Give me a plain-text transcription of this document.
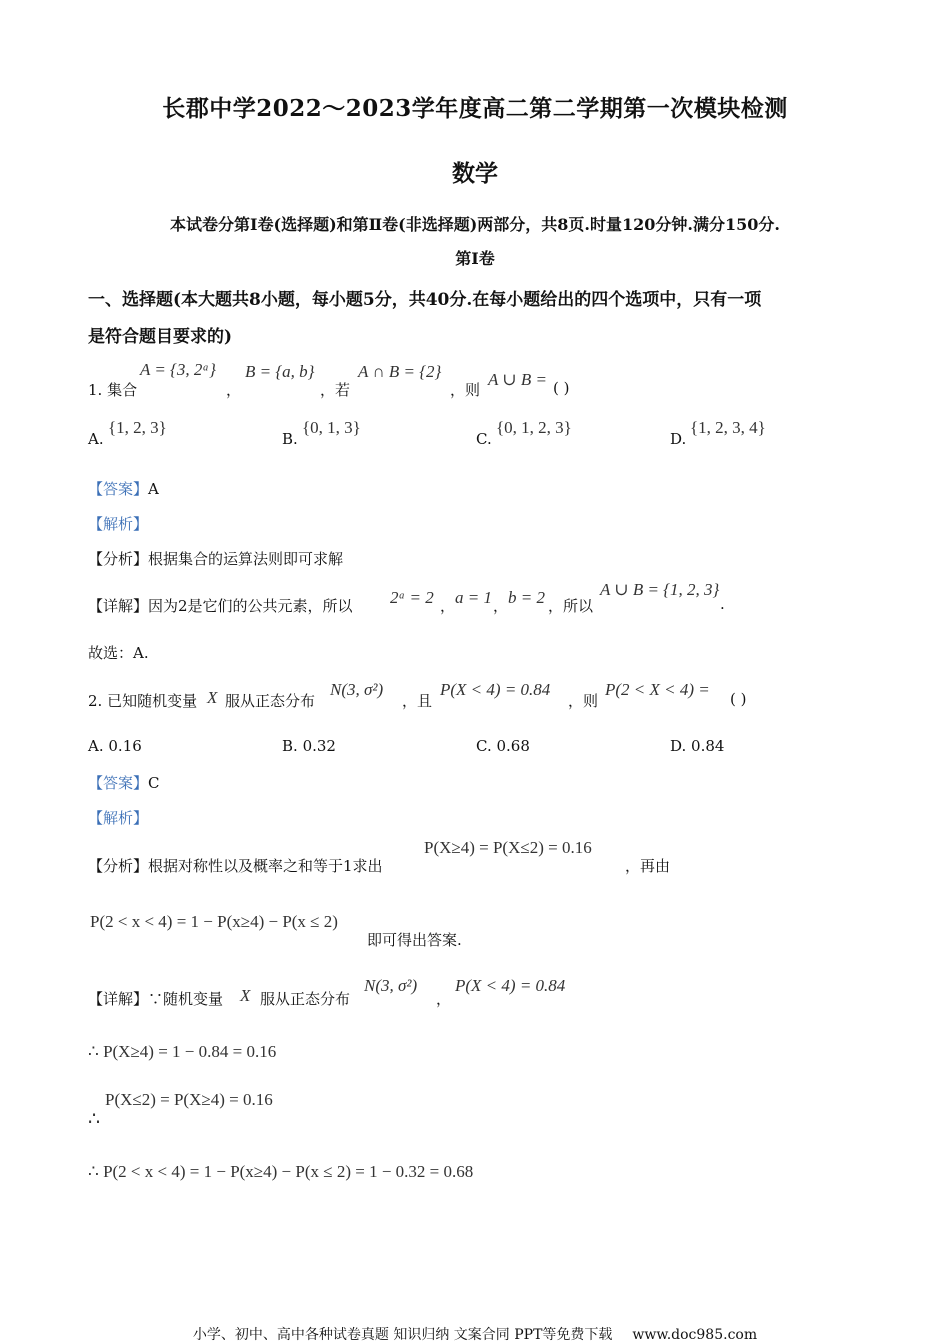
长郡中学2022～2023学年度高二第二学期第一次模块检测
数学
本试卷分第Ⅰ卷(选择题)和第Ⅱ卷(非选择题)两部分，共8页.时量120分钟.满分150分.
第Ⅰ卷
一、选择题(本大题共8小题，每小题5分，共40分.在每小题给出的四个选项中，只有一项
是符合题目要求的)
1. 集合
A = {3, 2ᵃ}
，
B = {a, b}
，若
A ∩ B = {2}
，则
A ∪ B = ( )
A.
{1, 2, 3}
B.
{0, 1, 3}
C.
{0, 1, 2, 3}
D.
{1, 2, 3, 4}
【答案】A
【解析】
【分析】根据集合的运算法则即可求解
【详解】因为2是它们的公共元素，所以 2ᵃ = 2 ， a = 1 ， b = 2 ，所以
A ∪ B = {1, 2, 3}
.
故选：A.
2. 已知随机变量 X 服从正态分布
N(3, σ²)
，且
P(X < 4) = 0.84
，则
P(2 < X < 4) = ( )
A. 0.16	B. 0.32	C. 0.68	D. 0.84
【答案】C
【解析】
【分析】根据对称性以及概率之和等于1求出
P(X≥4) = P(X≤2) = 0.16
，再由
P(2 < x < 4) = 1 − P(x≥4) − P(x ≤ 2)
即可得出答案.
【详解】∵随机变量 X 服从正态分布
N(3, σ²)
，
P(X < 4) = 0.84
∴ P(X≥4) = 1 − 0.84 = 0.16
∴
P(X≤2) = P(X≥4) = 0.16
∴ P(2 < x < 4) = 1 − P(x≥4) − P(x ≤ 2) = 1 − 0.32 = 0.68
小学、初中、高中各种试卷真题 知识归纳 文案合同 PPT等免费下载 www.doc985.com
